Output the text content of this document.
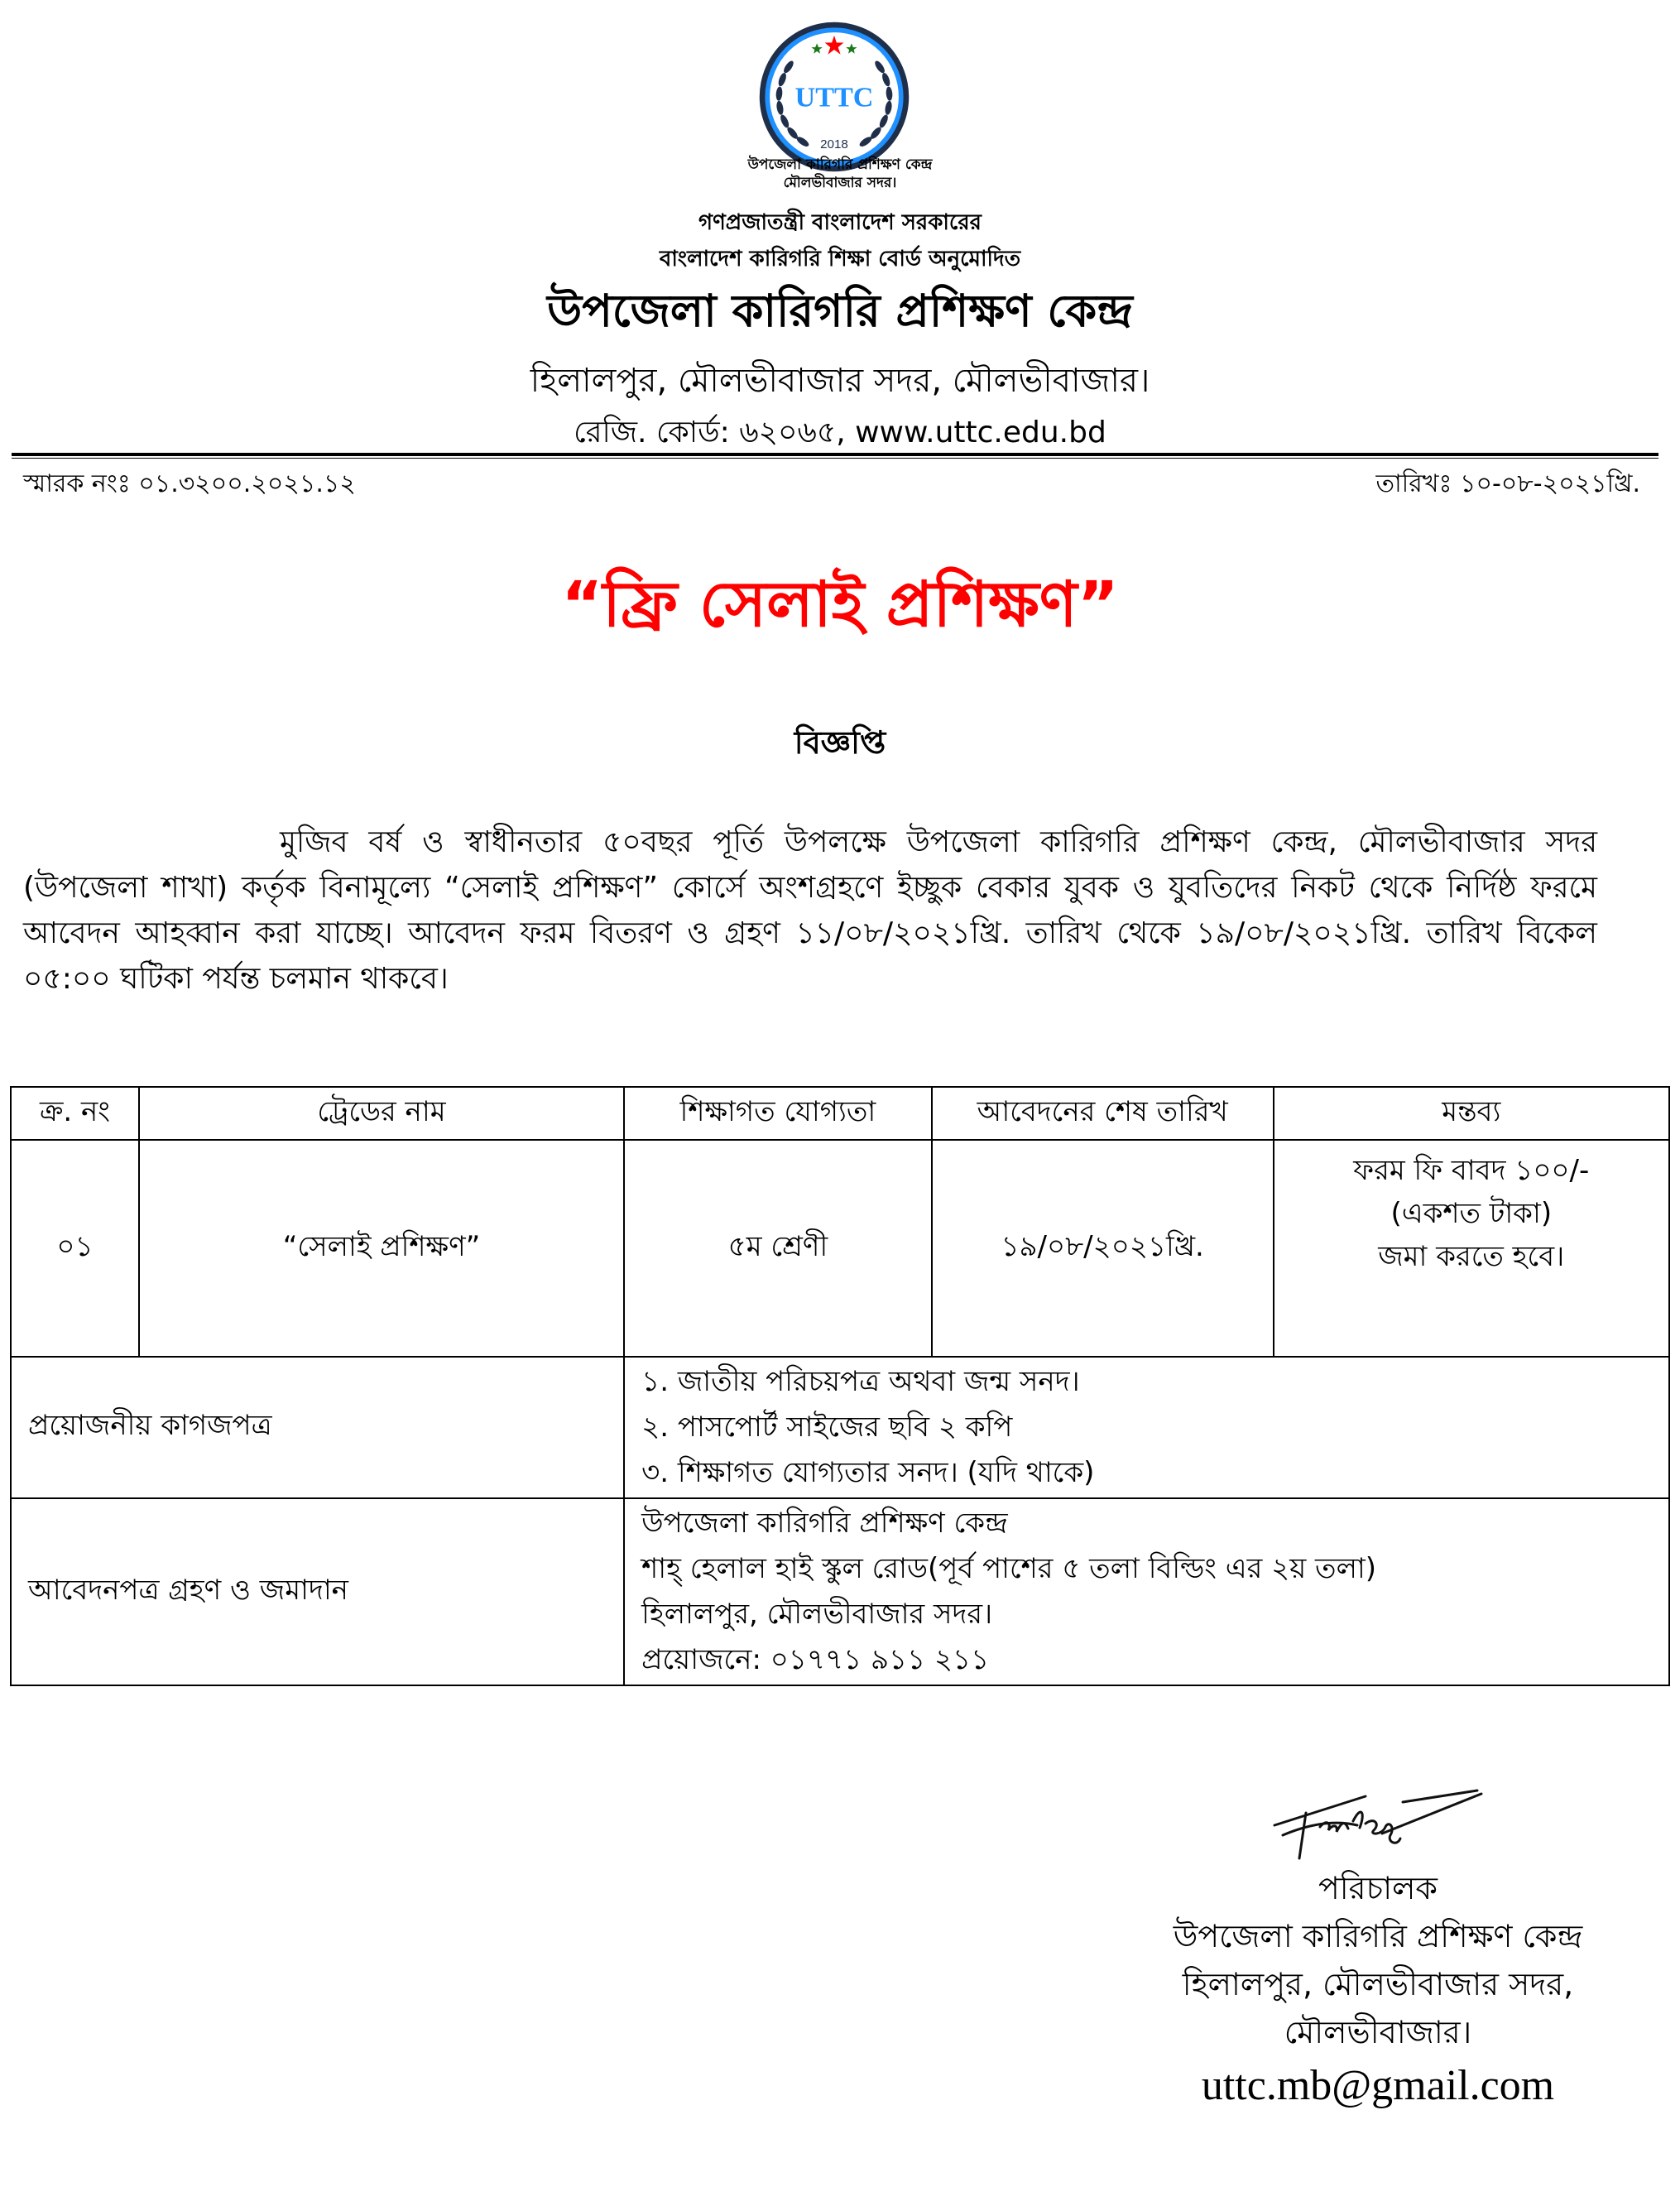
UTTC
2018
উপজেলা কারিগরি প্রশিক্ষণ কেন্দ্র
মৌলভীবাজার সদর।
গণপ্রজাতন্ত্রী বাংলাদেশ সরকারের
বাংলাদেশ কারিগরি শিক্ষা বোর্ড অনুমোদিত
উপজেলা কারিগরি প্রশিক্ষণ কেন্দ্র
হিলালপুর, মৌলভীবাজার সদর, মৌলভীবাজার।
রেজি. কোর্ড: ৬২০৬৫, www.uttc.edu.bd
স্মারক নংঃ ০১.৩২০০.২০২১.১২	তারিখঃ ১০-০৮-২০২১খ্রি.
“ফ্রি সেলাই প্রশিক্ষণ”
বিজ্ঞপ্তি
মুজিব বর্ষ ও স্বাধীনতার ৫০বছর পূর্তি উপলক্ষে উপজেলা কারিগরি প্রশিক্ষণ কেন্দ্র, মৌলভীবাজার সদর (উপজেলা শাখা) কর্তৃক বিনামূল্যে “সেলাই প্রশিক্ষণ” কোর্সে অংশগ্রহণে ইচ্ছুক বেকার যুবক ও যুবতিদের নিকট থেকে নির্দিষ্ঠ ফরমে আবেদন আহব্বান করা যাচ্ছে। আবেদন ফরম বিতরণ ও গ্রহণ ১১/০৮/২০২১খ্রি. তারিখ থেকে ১৯/০৮/২০২১খ্রি. তারিখ বিকেল ০৫:০০ ঘটিকা পর্যন্ত চলমান থাকবে।
ক্র. নং	ট্রেডের নাম	শিক্ষাগত যোগ্যতা	আবেদনের শেষ তারিখ	মন্তব্য
০১	“সেলাই প্রশিক্ষণ”	৫ম শ্রেণী	১৯/০৮/২০২১খ্রি.	ফরম ফি বাবদ ১০০/-
(একশত টাকা)
জমা করতে হবে।

প্রয়োজনীয় কাগজপত্র		১. জাতীয় পরিচয়পত্র অথবা জন্ম সনদ।
২. পাসপোর্ট সাইজের ছবি ২ কপি
৩. শিক্ষাগত যোগ্যতার সনদ। (যদি থাকে)		

আবেদনপত্র গ্রহণ ও জমাদান		উপজেলা কারিগরি প্রশিক্ষণ কেন্দ্র
শাহ্‌ হেলাল হাই স্কুল রোড(পূর্ব পাশের ৫ তলা বিল্ডিং এর ২য় তলা)
হিলালপুর, মৌলভীবাজার সদর।
প্রয়োজনে: ০১৭৭১ ৯১১ ২১১		
পরিচালক
উপজেলা কারিগরি প্রশিক্ষণ কেন্দ্র
হিলালপুর, মৌলভীবাজার সদর,
মৌলভীবাজার।
uttc.mb@gmail.com
